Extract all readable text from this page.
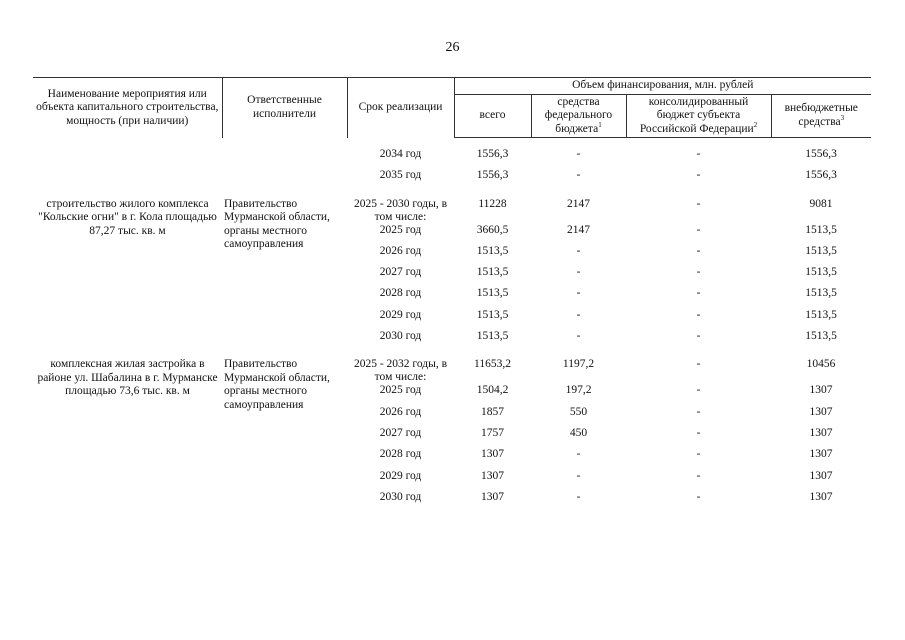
26
Наименование мероприятия или объекта капитального строительства, мощность (при наличии)	Ответственные исполнители	Срок реализации	Объем финансирования, млн. рублей			
			всего	средства федерального бюджета$^1$	консолидированный бюджет субъекта Российской Федерации$^2$	внебюджетные средства$^3$

		2034 год	1556,3	-	-	1556,3
		2035 год	1556,3	-	-	1556,3

строительство жилого комплекса "Кольские огни" в г. Кола площадью 87,27 тыс. кв. м	Правительство Мурманской области, органы местного самоуправления	2025 - 2030 годы, в том числе:	11228	2147	-	9081
		2025 год	3660,5	2147	-	1513,5
		2026 год	1513,5	-	-	1513,5
		2027 год	1513,5	-	-	1513,5
		2028 год	1513,5	-	-	1513,5
		2029 год	1513,5	-	-	1513,5
		2030 год	1513,5	-	-	1513,5

комплексная жилая застройка в районе ул. Шабалина в г. Мурманске площадью 73,6 тыс. кв. м	Правительство Мурманской области, органы местного самоуправления	2025 - 2032 годы, в том числе:	11653,2	1197,2	-	10456
		2025 год	1504,2	197,2	-	1307
		2026 год	1857	550	-	1307
		2027 год	1757	450	-	1307
		2028 год	1307	-	-	1307
		2029 год	1307	-	-	1307
		2030 год	1307	-	-	1307
